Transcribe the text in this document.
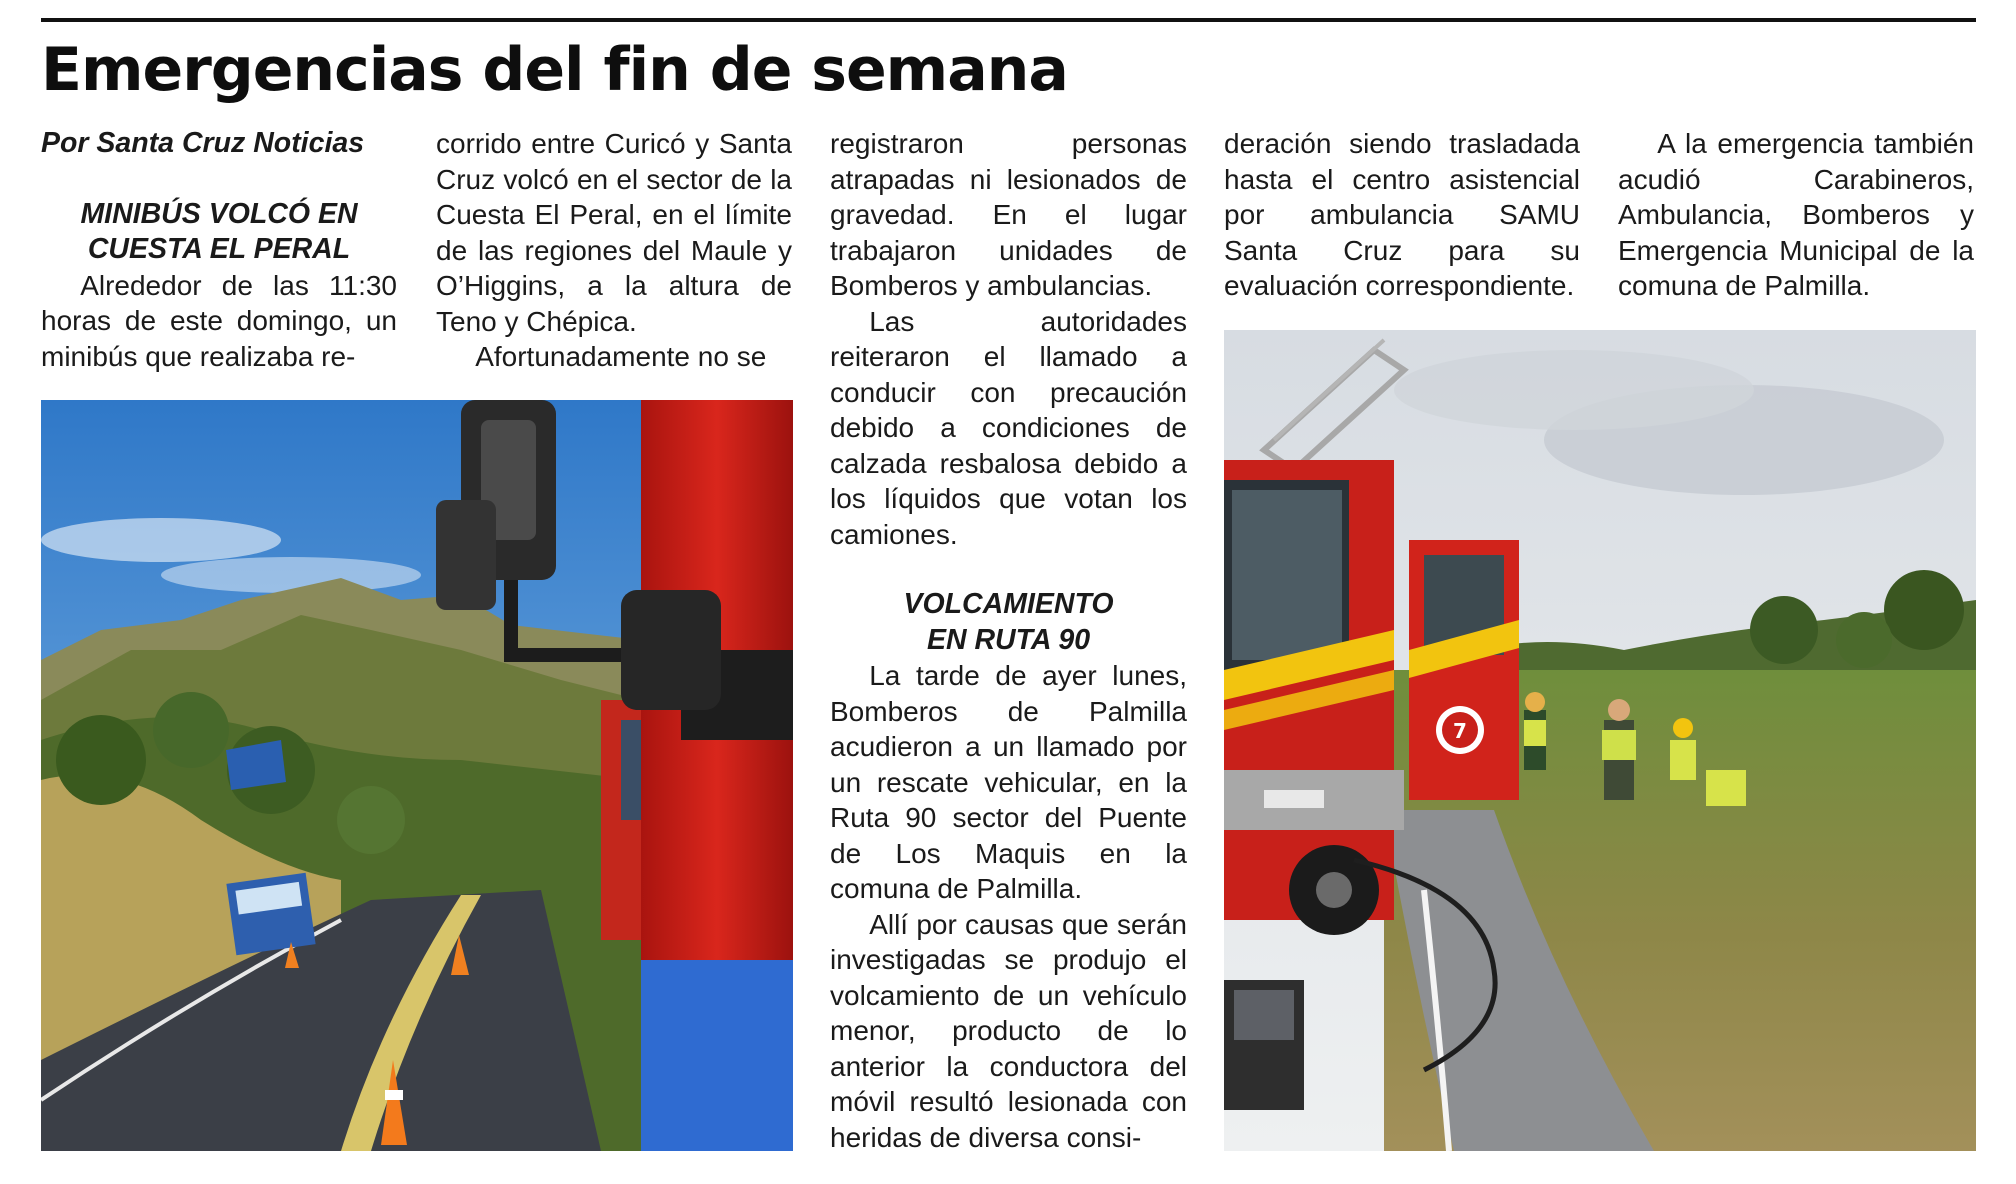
Emergencias del fin de semana
Por Santa Cruz Noticias
MINIBÚS VOLCÓ EN
CUESTA EL PERAL

Alrededor de las 11:30 horas de este domingo, un minibús que realizaba re-

corrido entre Curicó y Santa Cruz volcó en el sector de la Cuesta El Peral, en el límite de las regiones del Maule y O’Higgins, a la altura de Teno y Chépica.

Afortunadamente no se

registraron personas atrapadas ni lesionados de gravedad. En el lugar trabajaron unidades de Bomberos y ambulancias.

Las autoridades reiteraron el llamado a conducir con precaución debido a condiciones de calzada resbalosa debido a los líquidos que votan los camiones.

VOLCAMIENTO
EN RUTA 90

La tarde de ayer lunes, Bomberos de Palmilla acudieron a un llamado por un rescate vehicular, en la Ruta 90 sector del Puente de Los Maquis en la comuna de Palmilla.

Allí por causas que serán investigadas se produjo el volcamiento de un vehículo menor, producto de lo anterior la conductora del móvil resultó lesionada con heridas de diversa consi-

deración siendo trasladada hasta el centro asistencial por ambulancia SAMU Santa Cruz para su evaluación correspondiente.

A la emergencia también acudió Carabineros, Ambulancia, Bomberos y Emergencia Municipal de la comuna de Palmilla.

7
